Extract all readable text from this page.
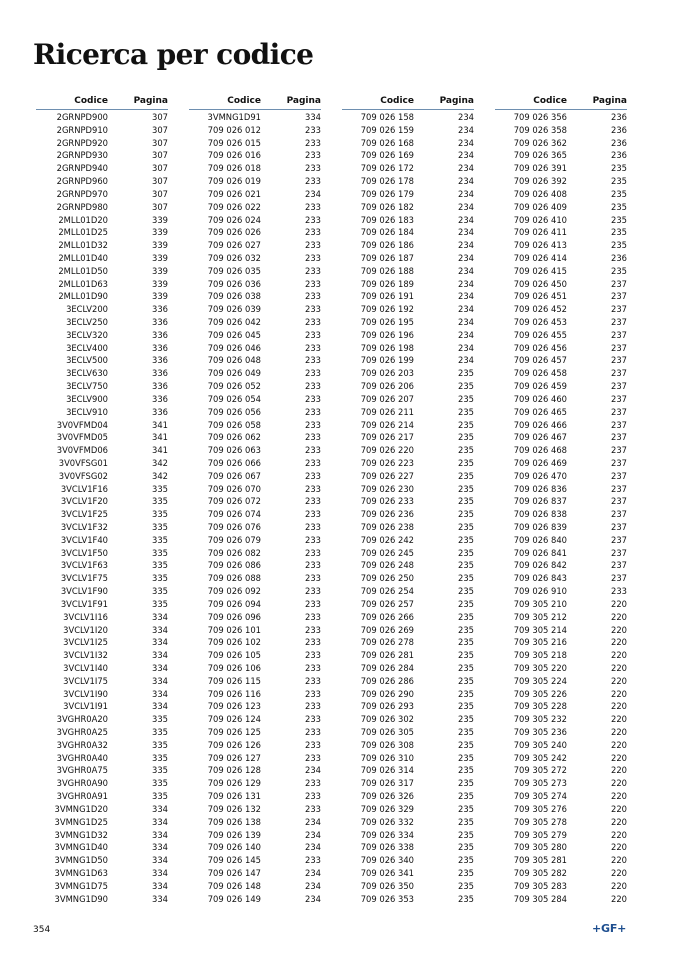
Ricerca per codice
Codice	Pagina
2GRNPD900	307
2GRNPD910	307
2GRNPD920	307
2GRNPD930	307
2GRNPD940	307
2GRNPD960	307
2GRNPD970	307
2GRNPD980	307
2MLL01D20	339
2MLL01D25	339
2MLL01D32	339
2MLL01D40	339
2MLL01D50	339
2MLL01D63	339
2MLL01D90	339
3ECLV200	336
3ECLV250	336
3ECLV320	336
3ECLV400	336
3ECLV500	336
3ECLV630	336
3ECLV750	336
3ECLV900	336
3ECLV910	336
3V0VFMD04	341
3V0VFMD05	341
3V0VFMD06	341
3V0VFSG01	342
3V0VFSG02	342
3VCLV1F16	335
3VCLV1F20	335
3VCLV1F25	335
3VCLV1F32	335
3VCLV1F40	335
3VCLV1F50	335
3VCLV1F63	335
3VCLV1F75	335
3VCLV1F90	335
3VCLV1F91	335
3VCLV1I16	334
3VCLV1I20	334
3VCLV1I25	334
3VCLV1I32	334
3VCLV1I40	334
3VCLV1I75	334
3VCLV1I90	334
3VCLV1I91	334
3VGHR0A20	335
3VGHR0A25	335
3VGHR0A32	335
3VGHR0A40	335
3VGHR0A75	335
3VGHR0A90	335
3VGHR0A91	335
3VMNG1D20	334
3VMNG1D25	334
3VMNG1D32	334
3VMNG1D40	334
3VMNG1D50	334
3VMNG1D63	334
3VMNG1D75	334
3VMNG1D90	334
Codice	Pagina
3VMNG1D91	334
709 026 012	233
709 026 015	233
709 026 016	233
709 026 018	233
709 026 019	233
709 026 021	234
709 026 022	233
709 026 024	233
709 026 026	233
709 026 027	233
709 026 032	233
709 026 035	233
709 026 036	233
709 026 038	233
709 026 039	233
709 026 042	233
709 026 045	233
709 026 046	233
709 026 048	233
709 026 049	233
709 026 052	233
709 026 054	233
709 026 056	233
709 026 058	233
709 026 062	233
709 026 063	233
709 026 066	233
709 026 067	233
709 026 070	233
709 026 072	233
709 026 074	233
709 026 076	233
709 026 079	233
709 026 082	233
709 026 086	233
709 026 088	233
709 026 092	233
709 026 094	233
709 026 096	233
709 026 101	233
709 026 102	233
709 026 105	233
709 026 106	233
709 026 115	233
709 026 116	233
709 026 123	233
709 026 124	233
709 026 125	233
709 026 126	233
709 026 127	233
709 026 128	234
709 026 129	233
709 026 131	233
709 026 132	233
709 026 138	234
709 026 139	234
709 026 140	234
709 026 145	233
709 026 147	234
709 026 148	234
709 026 149	234
Codice	Pagina
709 026 158	234
709 026 159	234
709 026 168	234
709 026 169	234
709 026 172	234
709 026 178	234
709 026 179	234
709 026 182	234
709 026 183	234
709 026 184	234
709 026 186	234
709 026 187	234
709 026 188	234
709 026 189	234
709 026 191	234
709 026 192	234
709 026 195	234
709 026 196	234
709 026 198	234
709 026 199	234
709 026 203	235
709 026 206	235
709 026 207	235
709 026 211	235
709 026 214	235
709 026 217	235
709 026 220	235
709 026 223	235
709 026 227	235
709 026 230	235
709 026 233	235
709 026 236	235
709 026 238	235
709 026 242	235
709 026 245	235
709 026 248	235
709 026 250	235
709 026 254	235
709 026 257	235
709 026 266	235
709 026 269	235
709 026 278	235
709 026 281	235
709 026 284	235
709 026 286	235
709 026 290	235
709 026 293	235
709 026 302	235
709 026 305	235
709 026 308	235
709 026 310	235
709 026 314	235
709 026 317	235
709 026 326	235
709 026 329	235
709 026 332	235
709 026 334	235
709 026 338	235
709 026 340	235
709 026 341	235
709 026 350	235
709 026 353	235
Codice	Pagina
709 026 356	236
709 026 358	236
709 026 362	236
709 026 365	236
709 026 391	235
709 026 392	235
709 026 408	235
709 026 409	235
709 026 410	235
709 026 411	235
709 026 413	235
709 026 414	236
709 026 415	235
709 026 450	237
709 026 451	237
709 026 452	237
709 026 453	237
709 026 455	237
709 026 456	237
709 026 457	237
709 026 458	237
709 026 459	237
709 026 460	237
709 026 465	237
709 026 466	237
709 026 467	237
709 026 468	237
709 026 469	237
709 026 470	237
709 026 836	237
709 026 837	237
709 026 838	237
709 026 839	237
709 026 840	237
709 026 841	237
709 026 842	237
709 026 843	237
709 026 910	233
709 305 210	220
709 305 212	220
709 305 214	220
709 305 216	220
709 305 218	220
709 305 220	220
709 305 224	220
709 305 226	220
709 305 228	220
709 305 232	220
709 305 236	220
709 305 240	220
709 305 242	220
709 305 272	220
709 305 273	220
709 305 274	220
709 305 276	220
709 305 278	220
709 305 279	220
709 305 280	220
709 305 281	220
709 305 282	220
709 305 283	220
709 305 284	220
354	+GF+
